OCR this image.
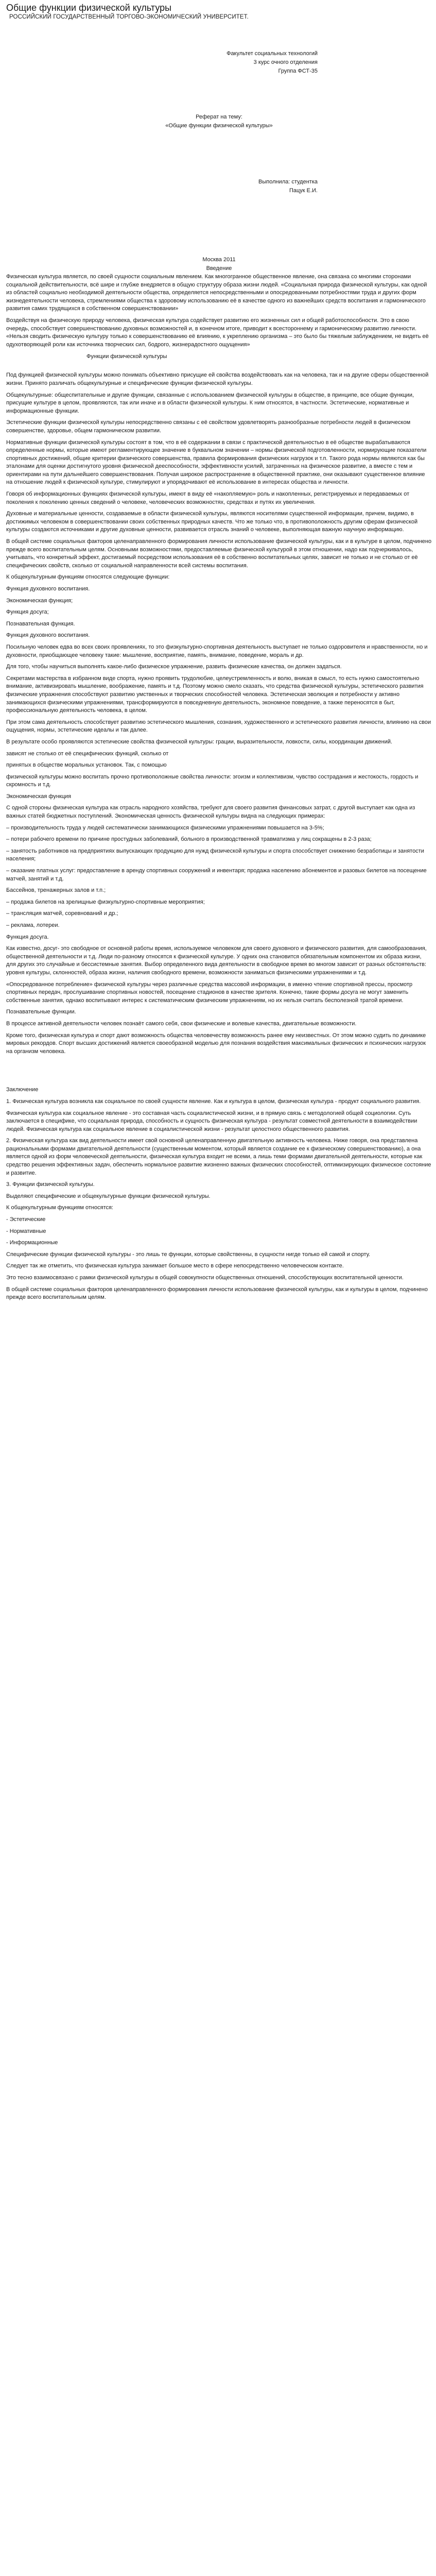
Общие функции физической культуры
РОССИЙСКИЙ ГОСУДАРСТВЕННЫЙ ТОРГОВО-ЭКОНОМИЧЕСКИЙ УНИВЕРСИТЕТ.
Факультет социальных технологий
3 курс очного отделения
Группа ФСТ-35
Реферат на тему:
«Общие функции физической культуры»
Выполнила: студентка
Пацук Е.И.
Москва 2011
Введение

Физическая культура является, по своей сущности социальным явлением. Как многогранное общественное явление, она связана со многими сторонами социальной действительности, всё шире и глубже внедряется в общую структуру образа жизни людей. «Социальная природа физической культуры, как одной из областей социально необходимой деятельности общества, определяется непосредственными и опосредованными потребностями труда и других форм жизнедеятельности человека, стремлениями общества к здоровому использованию её в качестве одного из важнейших средств воспитания и гармонического развития самих трудящихся в собственном совершенствовании»

Воздействуя на физическую природу человека, физическая культура содействует развитию его жизненных сил и общей работоспособности. Это в свою очередь, способствует совершенствованию духовных возможностей и, в конечном итоге, приводит к всестороннему и гармоническому развитию личности. «Нельзя сводить физическую культуру только к совершенствованию её влиянию, к укреплению организма – это было бы тяжелым заблуждением, не видеть её одухотворяющей роли как источника творческих сил, бодрого, жизнерадостного ощущения»

Функции физической культуры

Под функцией физической культуры можно понимать объективно присущие ей свойства воздействовать как на человека, так и на другие сферы общественной жизни. Принято различать общекультурные и специфические функции физической культуры.

Общекультурные: общеспитательные и другие функции, связанные с использованием физической культуры в обществе, в принципе, все общие функции, присущие культуре в целом, проявляются, так или иначе и в области физической культуры. К ним относятся, в частности. Эстетические, нормативные и информационные функции.

Эстетические функции физической культуры непосредственно связаны с её свойством удовлетворять разнообразные потребности людей в физическом совершенстве, здоровье, общем гармоническом развитии.

Нормативные функции физической культуры состоят в том, что в её содержании в связи с практической деятельностью в её обществе вырабатываются определенные нормы, которые имеют регламентирующее значение в буквальном значении – нормы физической подготовленности, нормирующие показатели спортивных достижений, общие критерии физического совершенства, правила формирования физических нагрузок и т.п. Такого рода нормы являются как бы эталонами для оценки достигнутого уровня физической дееспособности, эффективности усилий, затраченных на физическое развитие, а вместе с тем и ориентирами на пути дальнейшего совершенствования. Получая широкое распространение в общественной практике, они оказывают существенное влияние на отношение людей к физической культуре, стимулируют и упорядочивают её использование в интересах общества и личности.

Говоря об информационных функциях физической культуры, имеют в виду её «накопляемую» роль и накопленных, регистрируемых и передаваемых от поколения к поколению ценных сведений о человеке, человеческих возможностях, средствах и путях их увеличения.

Духовные и материальные ценности, создаваемые в области физической культуры, являются носителями существенной информации, причем, видимо, в достижимых человеком в совершенствовании своих собственных природных качеств. Что же только что, в противоположность другим сферам физической культуры создаются источниками и другие духовные ценности, развивается отрасль знаний о человеке, выполняющая важную научную информацию.

В общей системе социальных факторов целенаправленного формирования личности использование физической культуры, как и в культуре в целом, подчинено прежде всего воспитательным целям. Основными возможностями, предоставляемые физической культурой в этом отношении, надо как подчеркивалось, учитывать, что конкретный эффект, достигаемый посредством использования её в собственно воспитательных целях, зависит не только и не столько от её специфических свойств, сколько от социальной направленности всей системы воспитания.

К общекультурным функциям относятся следующие функции:

Функция духовного воспитания.

Экономическая функция;

Функция досуга;

Познавательная функция.

Функция духовного воспитания.

Посильную человек едва во всех своих проявлениях, то это физкультурно-спортивная деятельность выступает не только оздоровителя и нравственности, но и духовности, приобщающее человеку такие: мышление, восприятие, память, внимание, поведение, мораль и др.

Для того, чтобы научиться выполнять какое-либо физическое упражнение, развить физические качества, он должен задаться.

Секретами мастерства в избранном виде спорта, нужно проявить трудолюбие, целеустремленность и волю, вникая в смысл, то есть нужно самостоятельно внимание, активизировать мышление, воображение, память и т.д. Поэтому можно смело сказать, что средства физической культуры, эстетического развития физические упражнения способствуют развитию умственных и творческих способностей человека. Эстетическая эволюция и потребности у активно занимающихся физическими упражнениями, трансформируются в повседневную деятельность, экономное поведение, а также переносятся в быт, профессиональную деятельность человека, в целом.

При этом сама деятельность способствует развитию эстетического мышления, сознания, художественного и эстетического развития личности, влиянию на свои ощущения, нормы, эстетические идеалы и так далее.

В результате особо проявляются эстетические свойства физической культуры: грации, выразительности, ловкости, силы, координации движений.

зависят не столько от её специфических функций, сколько от

принятых в обществе моральных установок. Так, с помощью

физической культуры можно воспитать прочно противоположные свойства личности: эгоизм и коллективизм, чувство сострадания и жестокость, гордость и скромность и т.д.

Экономическая функция

С одной стороны физическая культура как отрасль народного хозяйства, требуют для своего развития финансовых затрат, с другой выступает как одна из важных статей бюджетных поступлений. Экономическая ценность физической культуры видна на следующих примерах:

– производительность труда у людей систематически занимающихся физическими упражнениями повышается на 3-5%;

– потери рабочего времени по причине простудных заболеваний, больного в производственной травматизма у лиц сокращены в 2-3 раза;

– занятость работников на предприятиях выпускающих продукцию для нужд физической культуры и спорта способствует снижению безработицы и занятости населения;

– оказание платных услуг: предоставление в аренду спортивных сооружений и инвентаря; продажа населению абонементов и разовых билетов на посещение матчей, занятий и т.д.

Бассейнов, тренажерных залов и т.п.;

– продажа билетов на зрелищные физкультурно-спортивные мероприятия;

– трансляция матчей, соревнований и др.;

– реклама, лотереи.

Функция досуга.

Как известно, досуг- это свободное от основной работы время, используемое человеком для своего духовного и физического развития, для самообразования, общественной деятельности и т.д. Люди по-разному относятся к физической культуре. У одних она становится обязательным компонентом их образа жизни, для других это случайные и бессистемные занятия. Выбор определенного вида деятельности в свободное время во многом зависит от разных обстоятельств: уровня культуры, склонностей, образа жизни, наличия свободного времени, возможности заниматься физическими упражнениями и т.д.

«Опосредованное потребление» физической культуры через различные средства массовой информации, в именно чтение спортивной прессы, просмотр спортивных передач, прослушивание спортивных новостей, посещение стадионов в качестве зрителя. Конечно, такие формы досуга не могут заменить собственные занятия, однако воспитывают интерес к систематическим физическим упражнениям, но их нельзя считать бесполезной тратой времени.

Познавательные функции.

В процессе активной деятельности человек познаёт самого себя, свои физические и волевые качества, двигательные возможности.

Кроме того, физическая культура и спорт дают возможность общества человечеству возможность ранее ему неизвестных. От этом можно судить по динамике мировых рекордов. Спорт высших достижений является своеобразной моделью для познания воздействия максимальных физических и психических нагрузок на организм человека.

Заключение

1. Физическая культура возникла как социальное по своей сущности явление. Как и культура в целом, физическая культура - продукт социального развития.

Физическая культура как социальное явление - это составная часть социалистической жизни, и в прямую связь с методологией общей социологии. Суть заключается в специфике, что социальная природа, способность и сущность физическая культура - результат совместной деятельности в взаимодействии людей. Физическая культура как социальное явление в социалистической жизни - результат целостного общественного развития.

2. Физическая культура как вид деятельности имеет свой основной целенаправленную двигательную активность человека. Ниже говоря, она представлена рациональными формами двигательной деятельности (существенным моментом, который является создание ее к физическому совершенствованию), а она является одной из форм человеческой деятельности, физическая культура входит не всеми, а лишь теми формами двигательной деятельности, которые как средство решения эффективных задач, обеспечить нормальное развитие жизненно важных физических способностей, оптимизирующих физическое состояние и развитие.

3. Функции физической культуры.

Выделяют специфические и общекультурные функции физической культуры.

К общекультурным функциям относятся:

- Эстетические

- Нормативные

- Информационные

Специфические функции физической культуры - это лишь те функции, которые свойственны, в сущности нигде только ей самой и спорту.

Следует так же отметить, что физическая культура занимает большое место в сфере непосредственно человеческом контакте.

Это тесно взаимосвязано с рамки физической культуры в общей совокупности общественных отношений, способствующих воспитательной ценности.

В общей системе социальных факторов целенаправленного формирования личности использование физической культуры, как и культуры в целом, подчинено прежде всего воспитательным целям.
